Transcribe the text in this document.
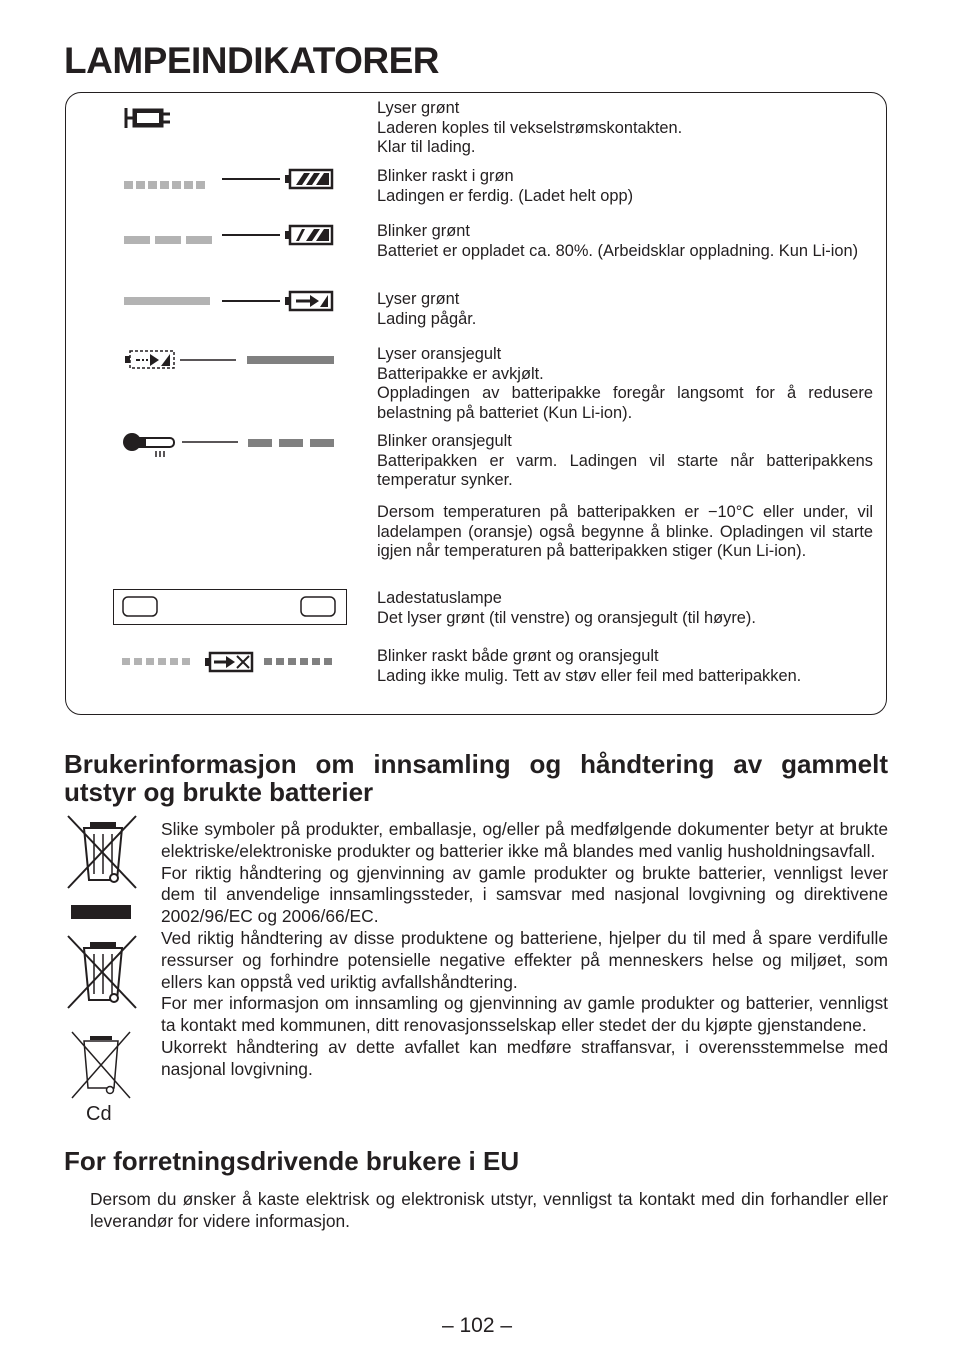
LAMPEINDIKATORER
Lyser grønt
Laderen koples til vekselstrømskontakten.
Klar til lading.
Blinker raskt i grøn
Ladingen er ferdig. (Ladet helt opp)
Blinker grønt
Batteriet er oppladet ca. 80%. (Arbeidsklar oppladning. Kun Li-ion)
Lyser grønt
Lading pågår.
Lyser oransjegult
Batteripakke er avkjølt.
Oppladingen av batteripakke foregår langsomt for å redusere belastning på batteriet (Kun Li-ion).
Blinker oransjegult
Batteripakken er varm. Ladingen vil starte når batteripakkens temperatur synker.
Dersom temperaturen på batteripakken er −10°C eller under, vil ladelampen (oransje) også begynne å blinke. Opladingen vil starte igjen når temperaturen på batteripakken stiger (Kun Li-ion).
Ladestatuslampe
Det lyser grønt (til venstre) og oransjegult (til høyre).
Blinker raskt både grønt og oransjegult
Lading ikke mulig. Tett av støv eller feil med batteripakken.
Brukerinformasjon om innsamling og håndtering av gammelt utstyr og brukte batterier
Cd

Slike symboler på produkter, emballasje, og/eller på medfølgende dokumenter betyr at brukte elektriske/elektroniske produkter og batterier ikke må blandes med vanlig husholdningsavfall.

For riktig håndtering og gjenvinning av gamle produkter og brukte batterier, vennligst lever dem til anvendelige innsamlingssteder, i samsvar med nasjonal lovgivning og direktivene 2002/96/EC og 2006/66/EC.

Ved riktig håndtering av disse produktene og batteriene, hjelper du til med å spare verdifulle ressurser og forhindre potensielle negative effekter på menneskers helse og miljøet, som ellers kan oppstå ved uriktig avfallshåndtering.

For mer informasjon om innsamling og gjenvinning av gamle produkter og batterier, vennligst ta kontakt med kommunen, ditt renovasjonsselskap eller stedet der du kjøpte gjenstandene.

Ukorrekt håndtering av dette avfallet kan medføre straffansvar, i overensstemmelse med nasjonal lovgivning.

For forretningsdrivende brukere i EU
Dersom du ønsker å kaste elektrisk og elektronisk utstyr, vennligst ta kontakt med din forhandler eller leverandør for videre informasjon.
– 102 –
